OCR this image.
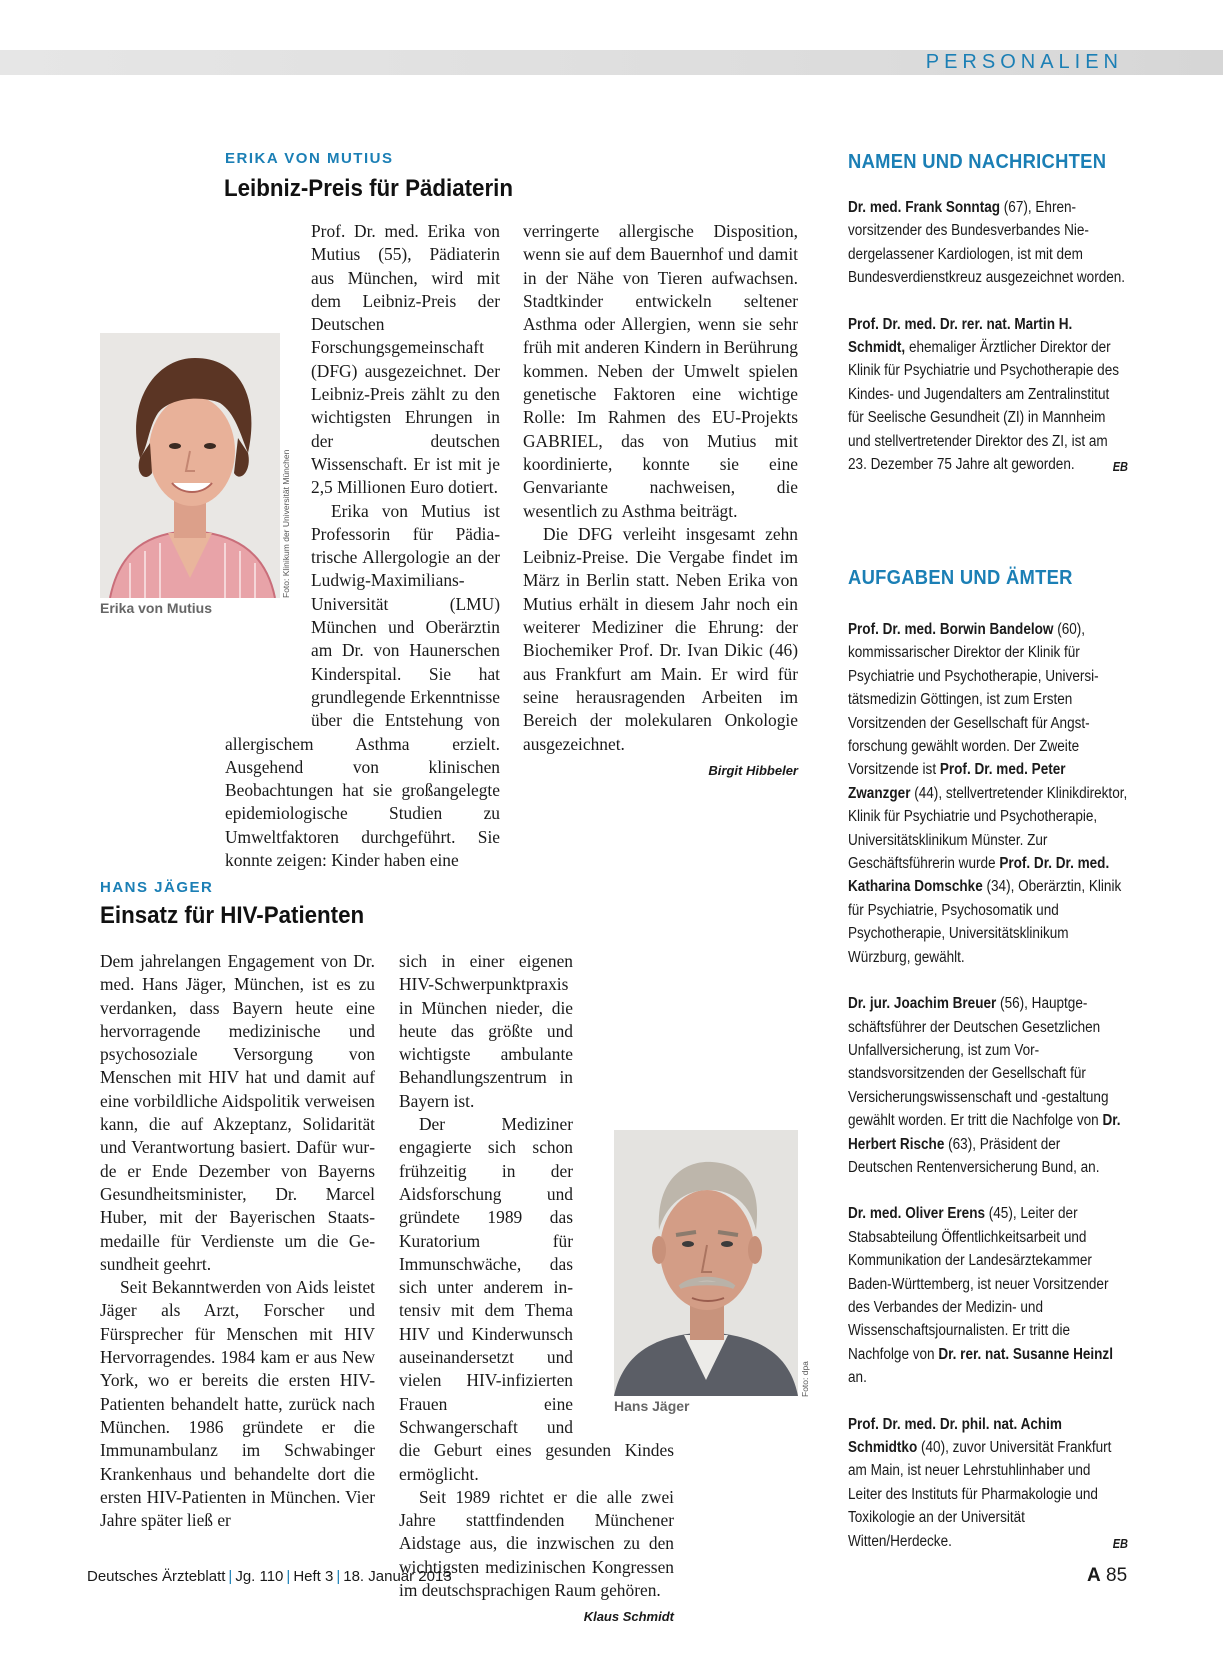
PERSONALIEN
ERIKA VON MUTIUS
Leibniz-Preis für Pädiaterin
Foto: Klinikum der Universität München
Erika von Mutius

Prof. Dr. med. Erika von Mutius (55), Pädiaterin aus München, wird mit dem Leibniz-Preis der Deutschen Forschungsgemeinschaft (DFG) ausgezeichnet. Der Leibniz-Preis zählt zu den wichtigsten Ehrungen in der deutschen Wissenschaft. Er ist mit je 2,5 Millionen Euro dotiert.

Erika von Mutius ist Professorin für Pädiatrische Allergologie an der Ludwig-Maximilians-Universität (LMU) München und Oberärztin am Dr. von Haunerschen Kinderspital. Sie hat grundlegende Erkenntnisse über die Entstehung von allergischem Asthma erzielt. Ausgehend von klinischen Beobachtungen hat sie großangelegte epidemiologische Studien zu Umweltfaktoren durchgeführt. Sie konnte zeigen: Kinder haben eine

verringerte allergische Disposition, wenn sie auf dem Bauernhof und damit in der Nähe von Tieren aufwachsen. Stadtkinder entwickeln seltener Asthma oder Allergien, wenn sie sehr früh mit anderen Kindern in Berührung kommen. Neben der Umwelt spielen genetische Faktoren eine wichtige Rolle: Im Rahmen des EU-Projekts GABRIEL, das von Mutius mit koordinierte, konnte sie eine Genvariante nachweisen, die wesentlich zu Asthma beiträgt.

Die DFG verleiht insgesamt zehn Leibniz-Preise. Die Vergabe findet im März in Berlin statt. Neben Erika von Mutius erhält in diesem Jahr noch ein weiterer Mediziner die Ehrung: der Biochemiker Prof. Dr. Ivan Dikic (46) aus Frankfurt am Main. Er wird für seine herausragenden Arbeiten im Bereich der molekularen Onkologie ausgezeichnet.

Birgit Hibbeler
HANS JÄGER
Einsatz für HIV-Patienten

Dem jahrelangen Engagement von Dr. med. Hans Jäger, München, ist es zu verdanken, dass Bayern heute eine hervorragende medizinische und psychosoziale Versorgung von Menschen mit HIV hat und damit auf eine vorbildliche Aidspolitik verweisen kann, die auf Akzeptanz, Solidarität und Verantwortung basiert. Dafür wurde er Ende Dezember von Bayerns Gesundheitsminister, Dr. Marcel Huber, mit der Bayerischen Staatsmedaille für Verdienste um die Gesundheit geehrt.

Seit Bekanntwerden von Aids leistet Jäger als Arzt, Forscher und Fürsprecher für Menschen mit HIV Hervorragendes. 1984 kam er aus New York, wo er bereits die ersten HIV-Patienten behandelt hatte, zurück nach München. 1986 gründete er die Immunambulanz im Schwabinger Krankenhaus und behandelte dort die ersten HIV-Patienten in München. Vier Jahre später ließ er

Foto: dpa
Hans Jäger

sich in einer eigenen HIV-Schwerpunktpraxis in München nieder, die heute das größte und wichtigste ambulante Behandlungszentrum in Bayern ist.

Der Mediziner engagierte sich schon frühzeitig in der Aidsforschung und gründete 1989 das Kuratorium für Immunschwäche, das sich unter anderem intensiv mit dem Thema HIV und Kinderwunsch auseinandersetzt und vielen HIV-infizierten Frauen eine Schwangerschaft und die Geburt eines gesunden Kindes ermöglicht.

Seit 1989 richtet er die alle zwei Jahre stattfindenden Münchener Aidstage aus, die inzwischen zu den wichtigsten medizinischen Kongressen im deutschsprachigen Raum gehören.

Klaus Schmidt
NAMEN UND NACHRICHTEN

Dr. med. Frank Sonntag (67), Ehrenvorsitzender des Bundesverbandes Niedergelassener Kardiologen, ist mit dem Bundesverdienstkreuz ausgezeichnet worden.

Prof. Dr. med. Dr. rer. nat. Martin H. Schmidt, ehemaliger Ärztlicher Direktor der Klinik für Psychiatrie und Psychotherapie des Kindes- und Jugendalters am Zentralinstitut für Seelische Gesundheit (ZI) in Mannheim und stellvertretender Direktor des ZI, ist am 23. Dezember 75 Jahre alt geworden.	EB

AUFGABEN UND ÄMTER

Prof. Dr. med. Borwin Bandelow (60), kommissarischer Direktor der Klinik für Psychiatrie und Psychotherapie, Universitätsmedizin Göttingen, ist zum Ersten Vorsitzenden der Gesellschaft für Angstforschung gewählt worden. Der Zweite Vorsitzende ist Prof. Dr. med. Peter Zwanzger (44), stellvertretender Klinikdirektor, Klinik für Psychiatrie und Psychotherapie, Universitätsklinikum Münster. Zur Geschäftsführerin wurde Prof. Dr. Dr. med. Katharina Domschke (34), Oberärztin, Klinik für Psychiatrie, Psychosomatik und Psychotherapie, Universitätsklinikum Würzburg, gewählt.

Dr. jur. Joachim Breuer (56), Hauptgeschäftsführer der Deutschen Gesetzlichen Unfallversicherung, ist zum Vorstandsvorsitzenden der Gesellschaft für Versicherungswissenschaft und -gestaltung gewählt worden. Er tritt die Nachfolge von Dr. Herbert Rische (63), Präsident der Deutschen Rentenversicherung Bund, an.

Dr. med. Oliver Erens (45), Leiter der Stabsabteilung Öffentlichkeitsarbeit und Kommunikation der Landesärztekammer Baden-Württemberg, ist neuer Vorsitzender des Verbandes der Medizin- und Wissenschaftsjournalisten. Er tritt die Nachfolge von Dr. rer. nat. Susanne Heinzl an.

Prof. Dr. med. Dr. phil. nat. Achim Schmidtko (40), zuvor Universität Frankfurt am Main, ist neuer Lehrstuhlinhaber und Leiter des Instituts für Pharmakologie und Toxikologie an der Universität Witten/Herdecke.	EB

Deutsches Ärzteblatt | Jg. 110 | Heft 3 | 18. Januar 2013	A 85
